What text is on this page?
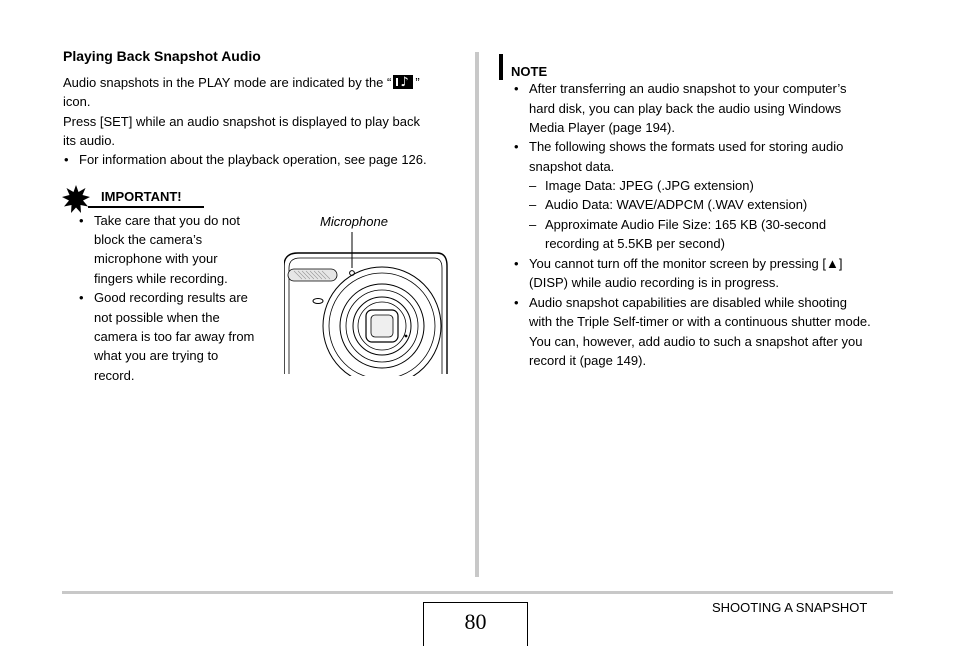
Playing Back Snapshot Audio
Audio snapshots in the PLAY mode are indicated by the “♪ ”
icon.
Press [SET] while an audio snapshot is displayed to play back
its audio.
• For information about the playback operation, see page 126.
IMPORTANT!
• Take care that you do not
block the camera’s
microphone with your
fingers while recording.
• Good recording results are
not possible when the
camera is too far away from
what you are trying to
record.
Microphone
NOTE
• After transferring an audio snapshot to your computer’s
hard disk, you can play back the audio using Windows
Media Player (page 194).
• The following shows the formats used for storing audio
snapshot data.
– Image Data: JPEG (.JPG extension)
– Audio Data: WAVE/ADPCM (.WAV extension)
– Approximate Audio File Size: 165 KB (30-second
recording at 5.5KB per second)
• You cannot turn off the monitor screen by pressing [▲]
(DISP) while audio recording is in progress.
• Audio snapshot capabilities are disabled while shooting
with the Triple Self-timer or with a continuous shutter mode.
You can, however, add audio to such a snapshot after you
record it (page 149).
80
SHOOTING A SNAPSHOT
